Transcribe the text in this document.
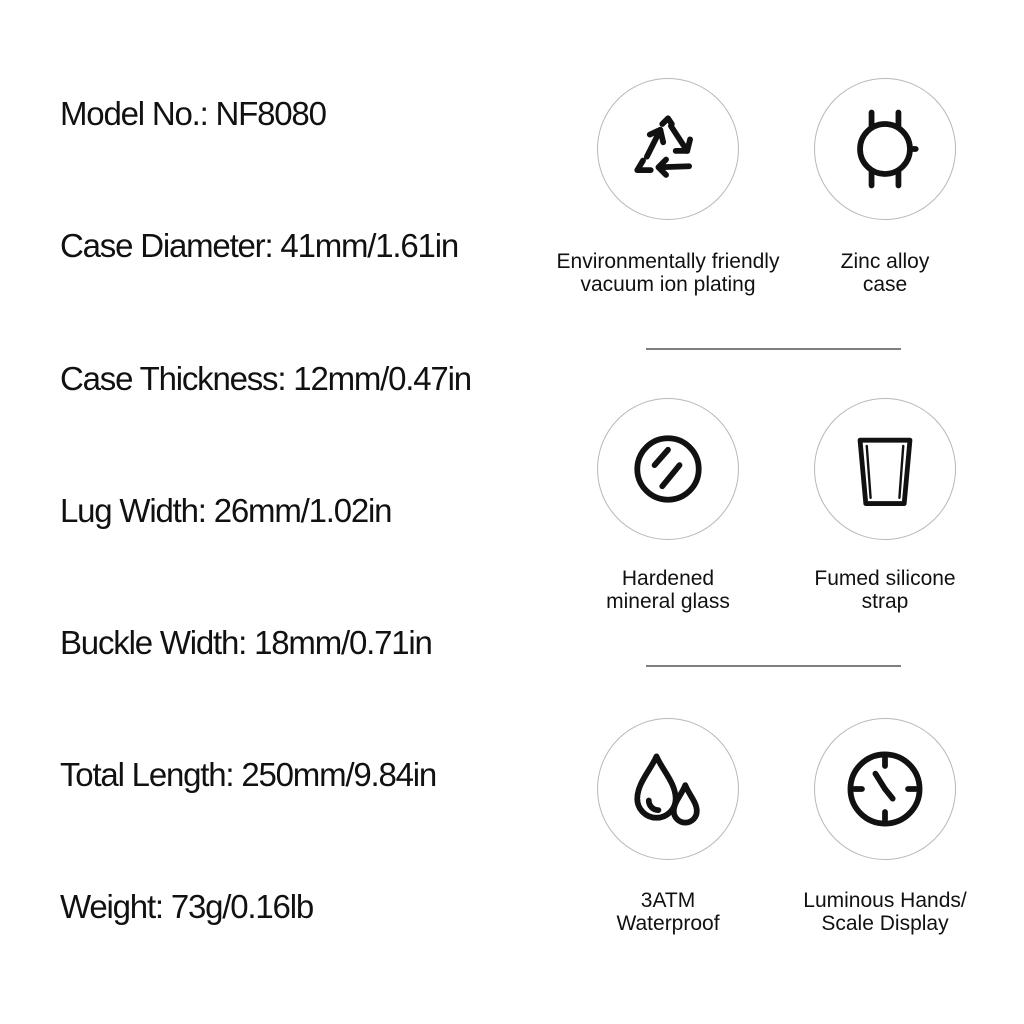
Model No.: NF8080
Case Diameter: 41mm/1.61in
Case Thickness: 12mm/0.47in
Lug Width: 26mm/1.02in
Buckle Width: 18mm/0.71in
Total Length: 250mm/9.84in
Weight: 73g/0.16lb
Environmentally friendly
vacuum ion plating
Zinc alloy
case
Hardened
mineral glass
Fumed silicone
strap
3ATM
Waterproof
Luminous Hands/
Scale Display
